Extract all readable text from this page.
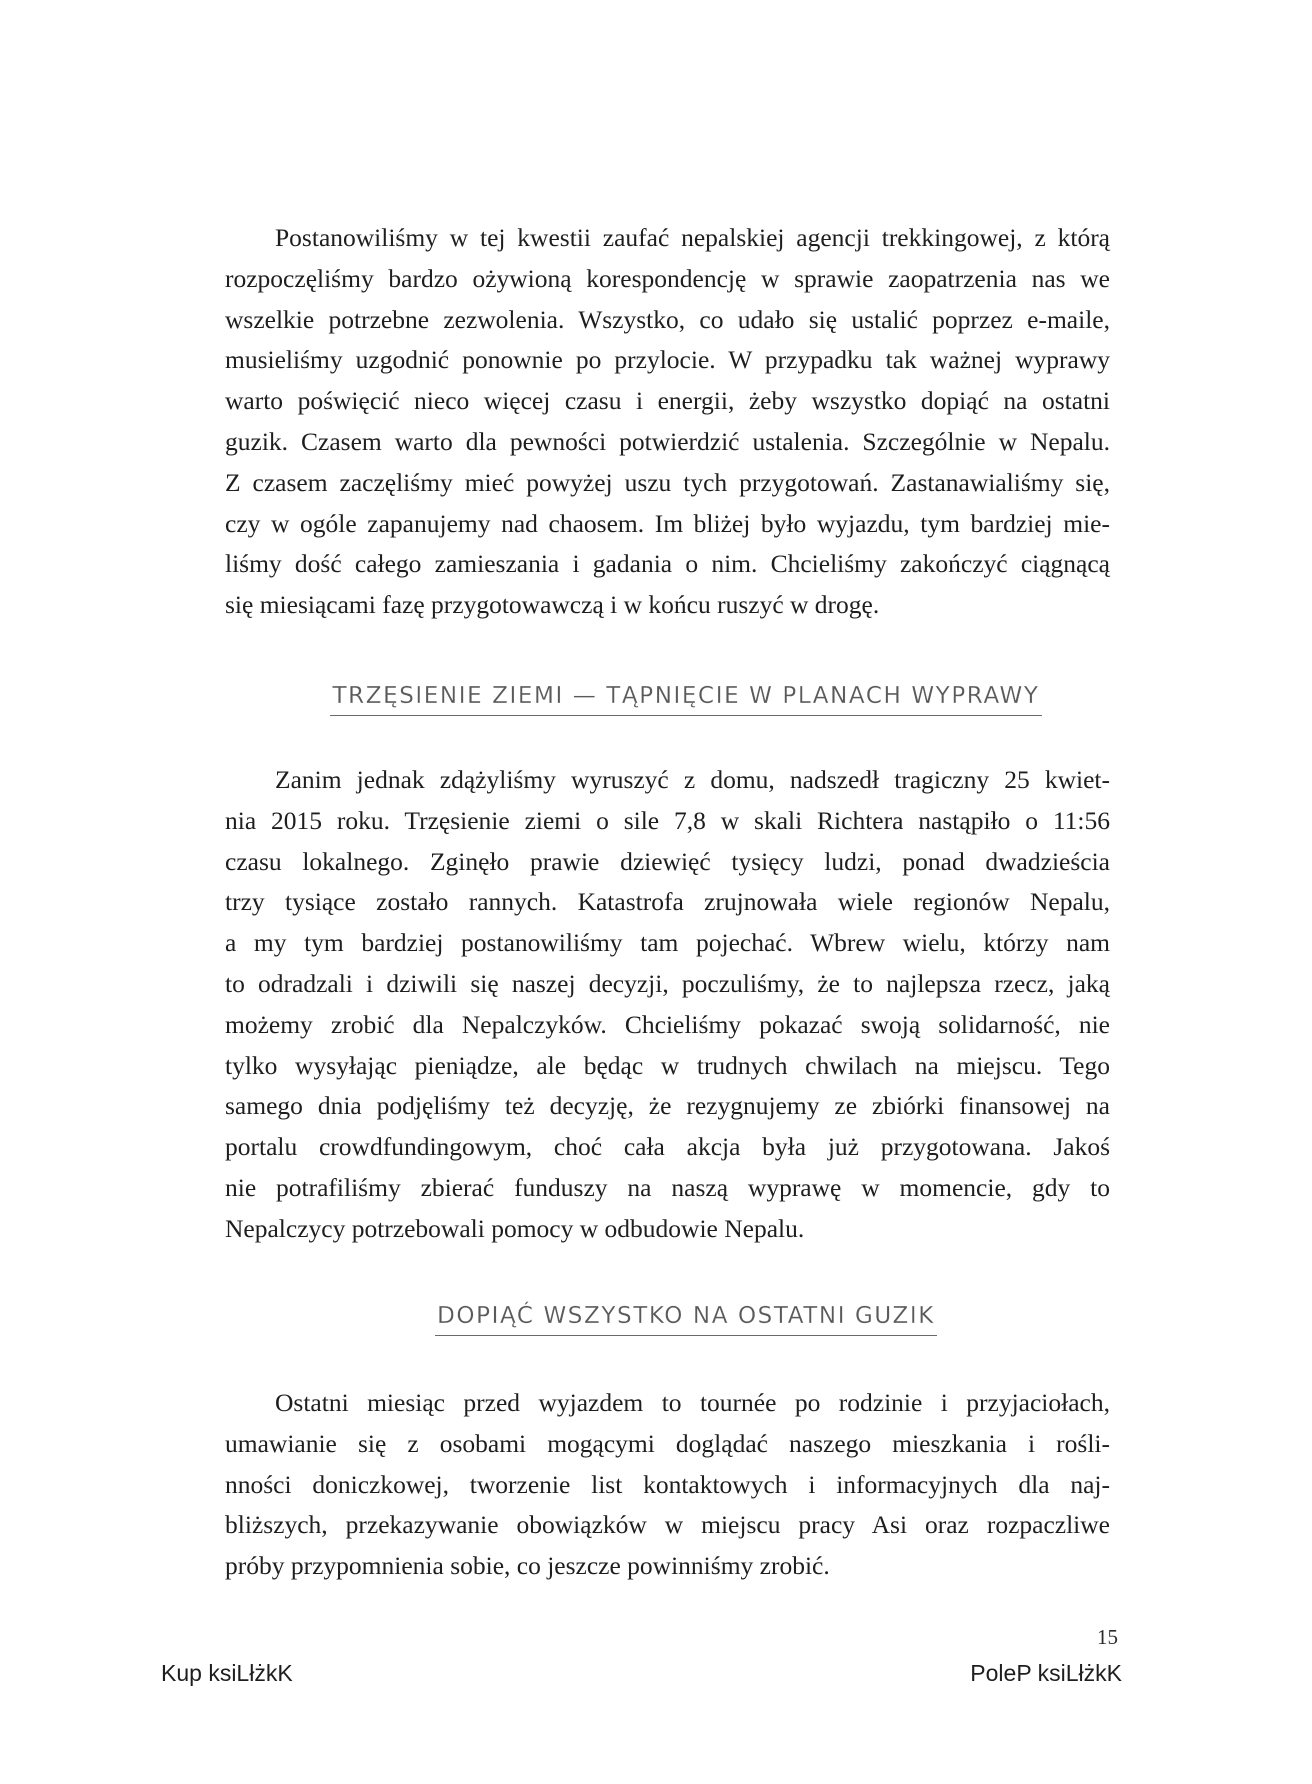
Postanowiliśmy w tej kwestii zaufać nepalskiej agencji trekkingowej, z którą
rozpoczęliśmy bardzo ożywioną korespondencję w sprawie zaopatrzenia nas we
wszelkie potrzebne zezwolenia. Wszystko, co udało się ustalić poprzez e-maile,
musieliśmy uzgodnić ponownie po przylocie. W przypadku tak ważnej wyprawy
warto poświęcić nieco więcej czasu i energii, żeby wszystko dopiąć na ostatni
guzik. Czasem warto dla pewności potwierdzić ustalenia. Szczególnie w Nepalu.
Z czasem zaczęliśmy mieć powyżej uszu tych przygotowań. Zastanawialiśmy się,
czy w ogóle zapanujemy nad chaosem. Im bliżej było wyjazdu, tym bardziej mie-
liśmy dość całego zamieszania i gadania o nim. Chcieliśmy zakończyć ciągnącą
się miesiącami fazę przygotowawczą i w końcu ruszyć w drogę.

TRZĘSIENIE ZIEMI — TĄPNIĘCIE W PLANACH WYPRAWY

Zanim jednak zdążyliśmy wyruszyć z domu, nadszedł tragiczny 25 kwiet-
nia 2015 roku. Trzęsienie ziemi o sile 7,8 w skali Richtera nastąpiło o 11:56
czasu lokalnego. Zginęło prawie dziewięć tysięcy ludzi, ponad dwadzieścia
trzy tysiące zostało rannych. Katastrofa zrujnowała wiele regionów Nepalu,
a my tym bardziej postanowiliśmy tam pojechać. Wbrew wielu, którzy nam
to odradzali i dziwili się naszej decyzji, poczuliśmy, że to najlepsza rzecz, jaką
możemy zrobić dla Nepalczyków. Chcieliśmy pokazać swoją solidarność, nie
tylko wysyłając pieniądze, ale będąc w trudnych chwilach na miejscu. Tego
samego dnia podjęliśmy też decyzję, że rezygnujemy ze zbiórki finansowej na
portalu crowdfundingowym, choć cała akcja była już przygotowana. Jakoś
nie potrafiliśmy zbierać funduszy na naszą wyprawę w momencie, gdy to
Nepalczycy potrzebowali pomocy w odbudowie Nepalu.

DOPIĄĆ WSZYSTKO NA OSTATNI GUZIK

Ostatni miesiąc przed wyjazdem to tournée po rodzinie i przyjaciołach,
umawianie się z osobami mogącymi doglądać naszego mieszkania i rośli-
nności doniczkowej, tworzenie list kontaktowych i informacyjnych dla naj-
bliższych, przekazywanie obowiązków w miejscu pracy Asi oraz rozpaczliwe
próby przypomnienia sobie, co jeszcze powinniśmy zrobić.

15
Kup ksiLłżkK	PoleP ksiLłżkK
